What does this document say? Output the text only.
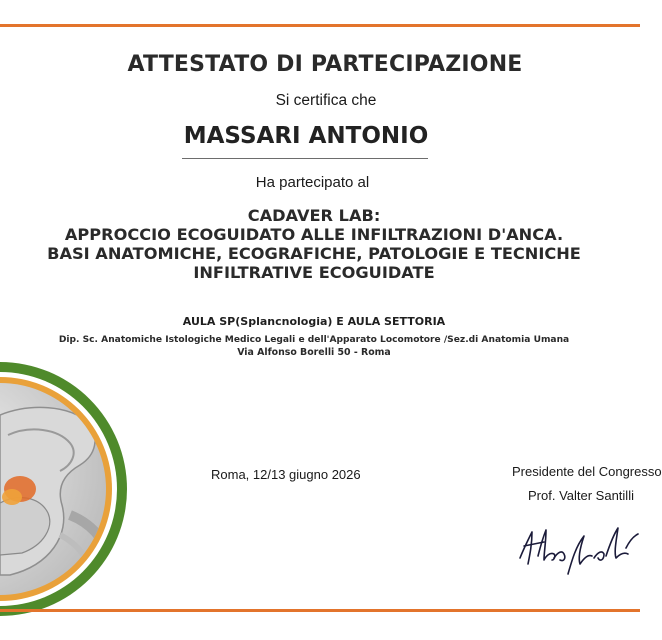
ATTESTATO DI PARTECIPAZIONE
Si certifica che
MASSARI ANTONIO
Ha partecipato al
CADAVER LAB:
APPROCCIO ECOGUIDATO ALLE INFILTRAZIONI D'ANCA.
BASI ANATOMICHE, ECOGRAFICHE, PATOLOGIE E TECNICHE
INFILTRATIVE ECOGUIDATE
AULA SP(Splancnologia) E AULA SETTORIA
Dip. Sc. Anatomiche Istologiche Medico Legali e dell'Apparato Locomotore /Sez.di Anatomia Umana
Via Alfonso Borelli 50 - Roma
Roma, 12/13 giugno 2026	Presidente del Congresso
Prof. Valter Santilli
